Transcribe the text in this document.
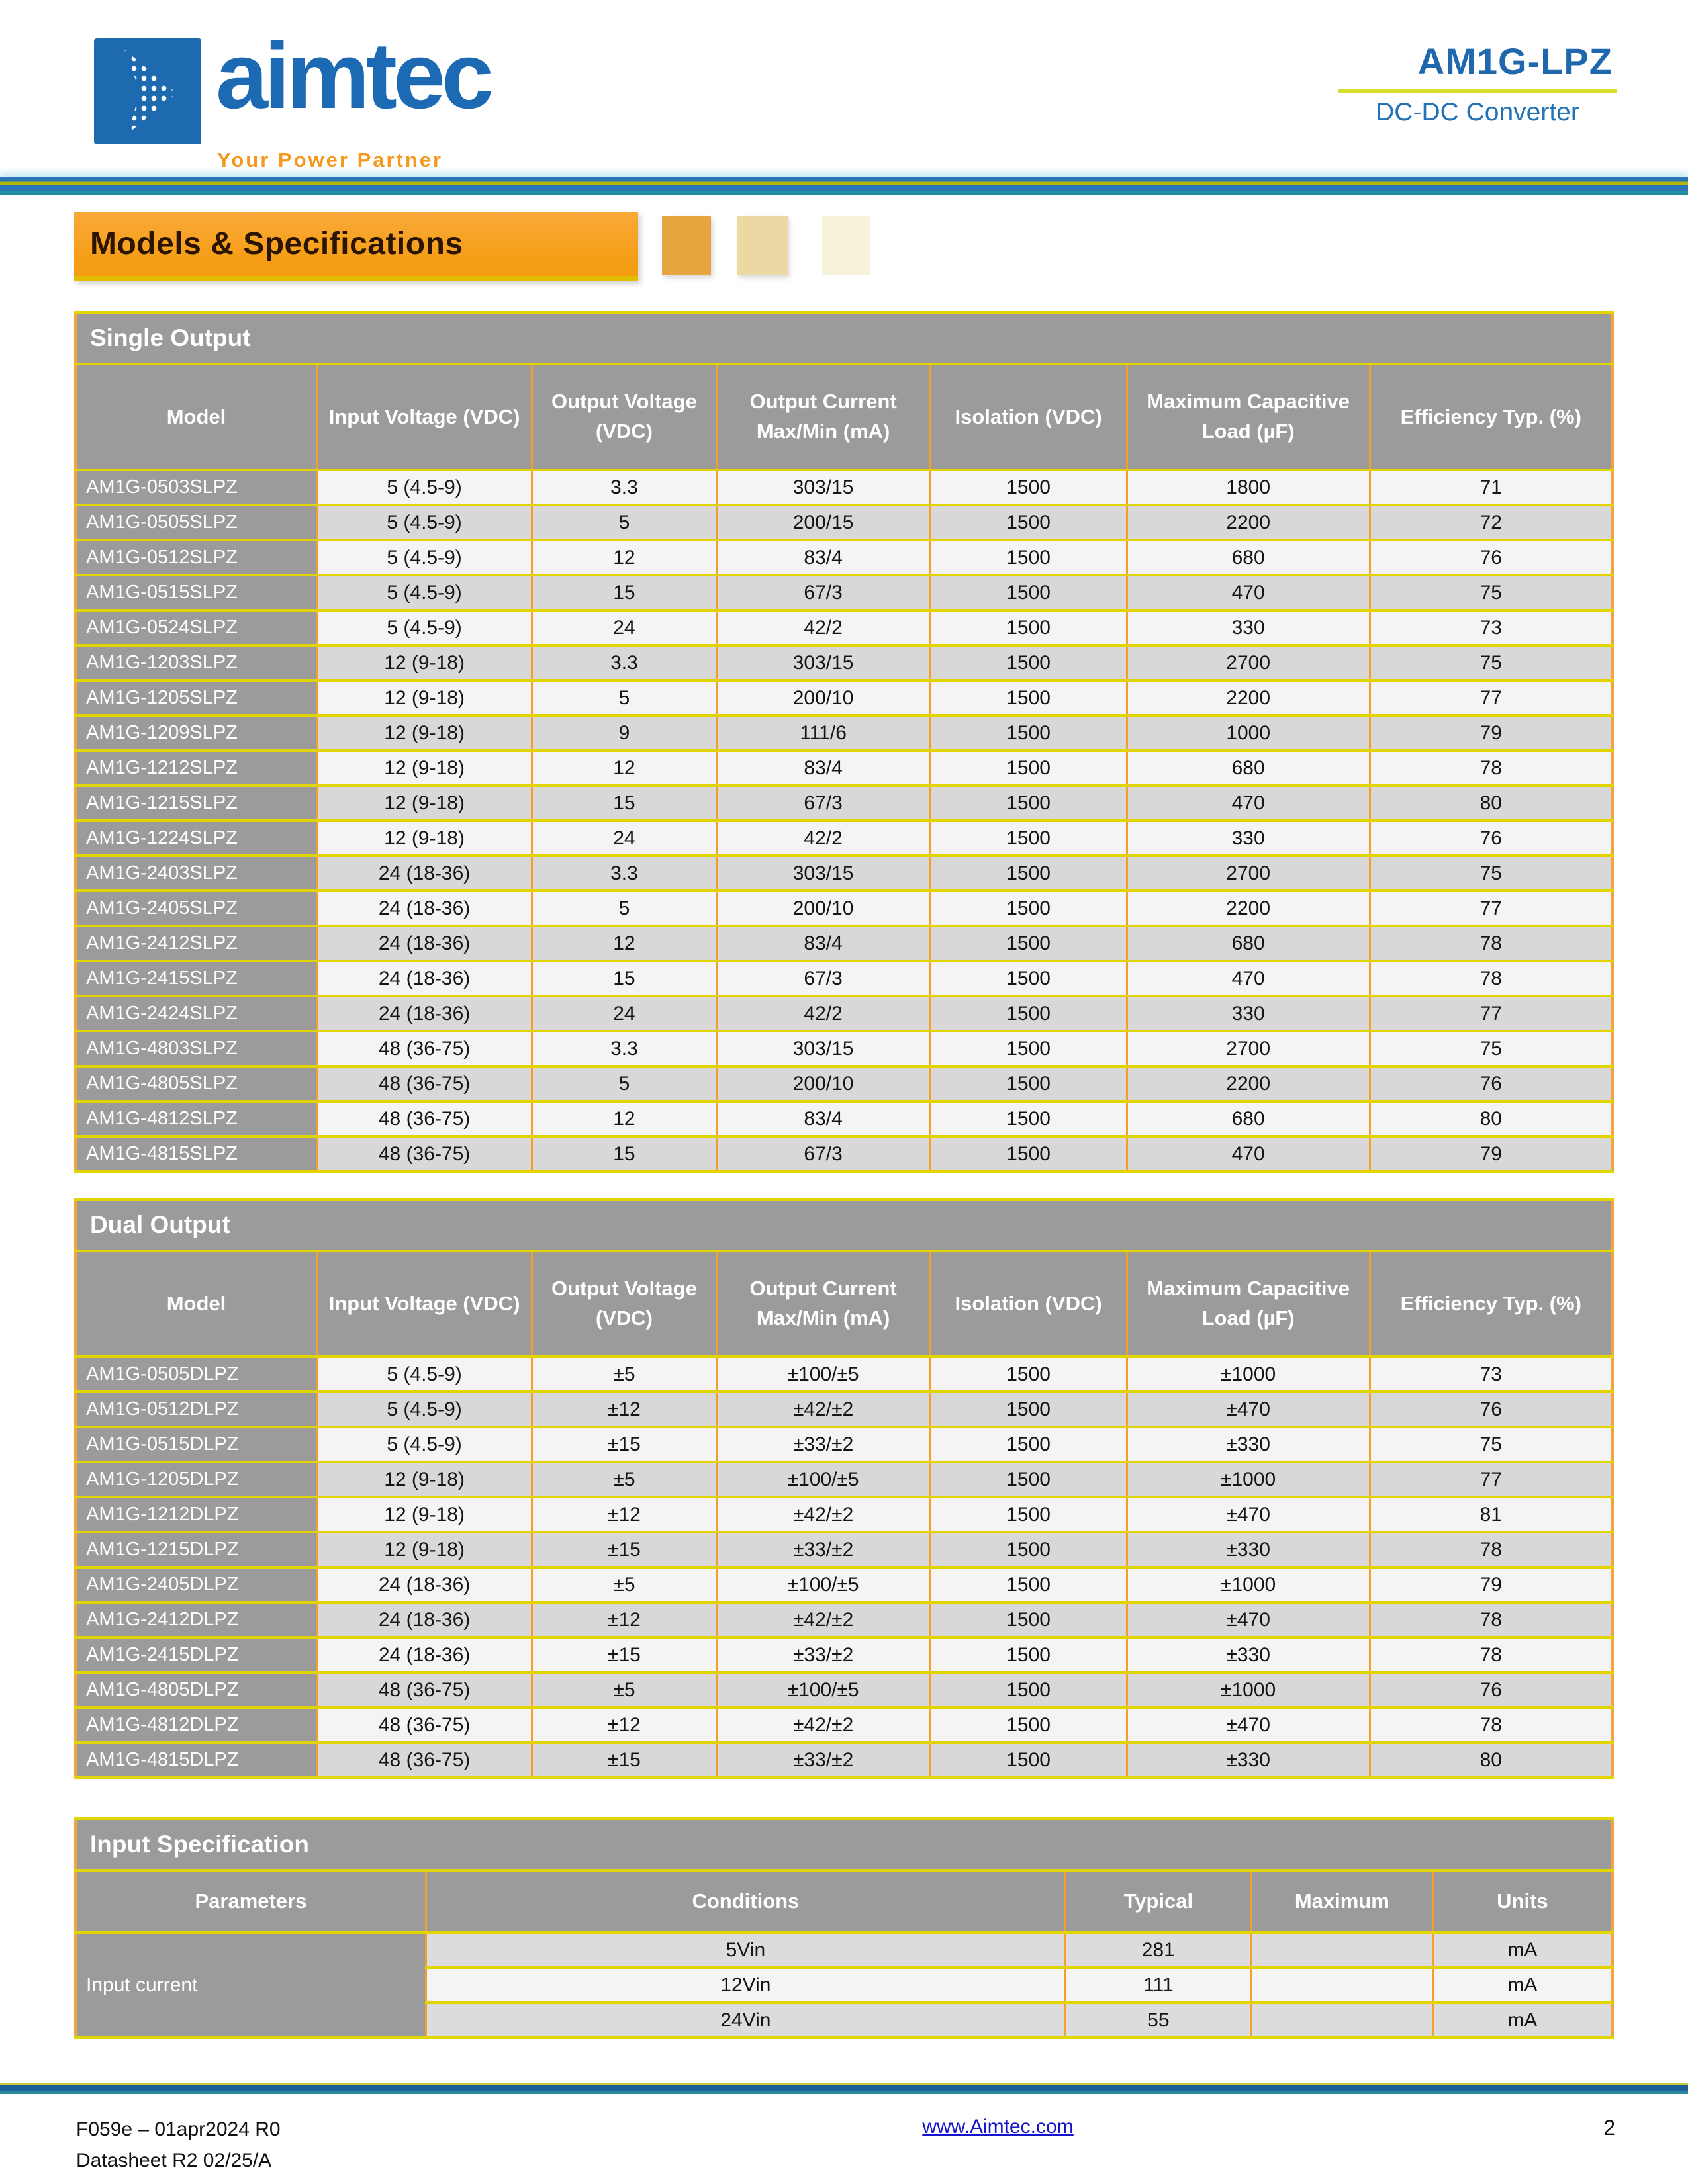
aimtec
Your Power Partner
AM1G-LPZ
DC-DC Converter
Models & Specifications
Single Output						
Model	Input Voltage (VDC)	Output Voltage (VDC)	Output Current Max/Min (mA)	Isolation (VDC)	Maximum Capacitive Load (µF)	Efficiency Typ. (%)
AM1G-0503SLPZ	5 (4.5-9)	3.3	303/15	1500	1800	71
AM1G-0505SLPZ	5 (4.5-9)	5	200/15	1500	2200	72
AM1G-0512SLPZ	5 (4.5-9)	12	83/4	1500	680	76
AM1G-0515SLPZ	5 (4.5-9)	15	67/3	1500	470	75
AM1G-0524SLPZ	5 (4.5-9)	24	42/2	1500	330	73
AM1G-1203SLPZ	12 (9-18)	3.3	303/15	1500	2700	75
AM1G-1205SLPZ	12 (9-18)	5	200/10	1500	2200	77
AM1G-1209SLPZ	12 (9-18)	9	111/6	1500	1000	79
AM1G-1212SLPZ	12 (9-18)	12	83/4	1500	680	78
AM1G-1215SLPZ	12 (9-18)	15	67/3	1500	470	80
AM1G-1224SLPZ	12 (9-18)	24	42/2	1500	330	76
AM1G-2403SLPZ	24 (18-36)	3.3	303/15	1500	2700	75
AM1G-2405SLPZ	24 (18-36)	5	200/10	1500	2200	77
AM1G-2412SLPZ	24 (18-36)	12	83/4	1500	680	78
AM1G-2415SLPZ	24 (18-36)	15	67/3	1500	470	78
AM1G-2424SLPZ	24 (18-36)	24	42/2	1500	330	77
AM1G-4803SLPZ	48 (36-75)	3.3	303/15	1500	2700	75
AM1G-4805SLPZ	48 (36-75)	5	200/10	1500	2200	76
AM1G-4812SLPZ	48 (36-75)	12	83/4	1500	680	80
AM1G-4815SLPZ	48 (36-75)	15	67/3	1500	470	79
Dual Output						
Model	Input Voltage (VDC)	Output Voltage (VDC)	Output Current Max/Min (mA)	Isolation (VDC)	Maximum Capacitive Load (µF)	Efficiency Typ. (%)
AM1G-0505DLPZ	5 (4.5-9)	±5	±100/±5	1500	±1000	73
AM1G-0512DLPZ	5 (4.5-9)	±12	±42/±2	1500	±470	76
AM1G-0515DLPZ	5 (4.5-9)	±15	±33/±2	1500	±330	75
AM1G-1205DLPZ	12 (9-18)	±5	±100/±5	1500	±1000	77
AM1G-1212DLPZ	12 (9-18)	±12	±42/±2	1500	±470	81
AM1G-1215DLPZ	12 (9-18)	±15	±33/±2	1500	±330	78
AM1G-2405DLPZ	24 (18-36)	±5	±100/±5	1500	±1000	79
AM1G-2412DLPZ	24 (18-36)	±12	±42/±2	1500	±470	78
AM1G-2415DLPZ	24 (18-36)	±15	±33/±2	1500	±330	78
AM1G-4805DLPZ	48 (36-75)	±5	±100/±5	1500	±1000	76
AM1G-4812DLPZ	48 (36-75)	±12	±42/±2	1500	±470	78
AM1G-4815DLPZ	48 (36-75)	±15	±33/±2	1500	±330	80
Input Specification				
Parameters	Conditions	Typical	Maximum	Units
Input current	5Vin	281		mA
	12Vin	111		mA
	24Vin	55		mA
F059e – 01apr2024 R0
Datasheet R2 02/25/A
www.Aimtec.com	2
